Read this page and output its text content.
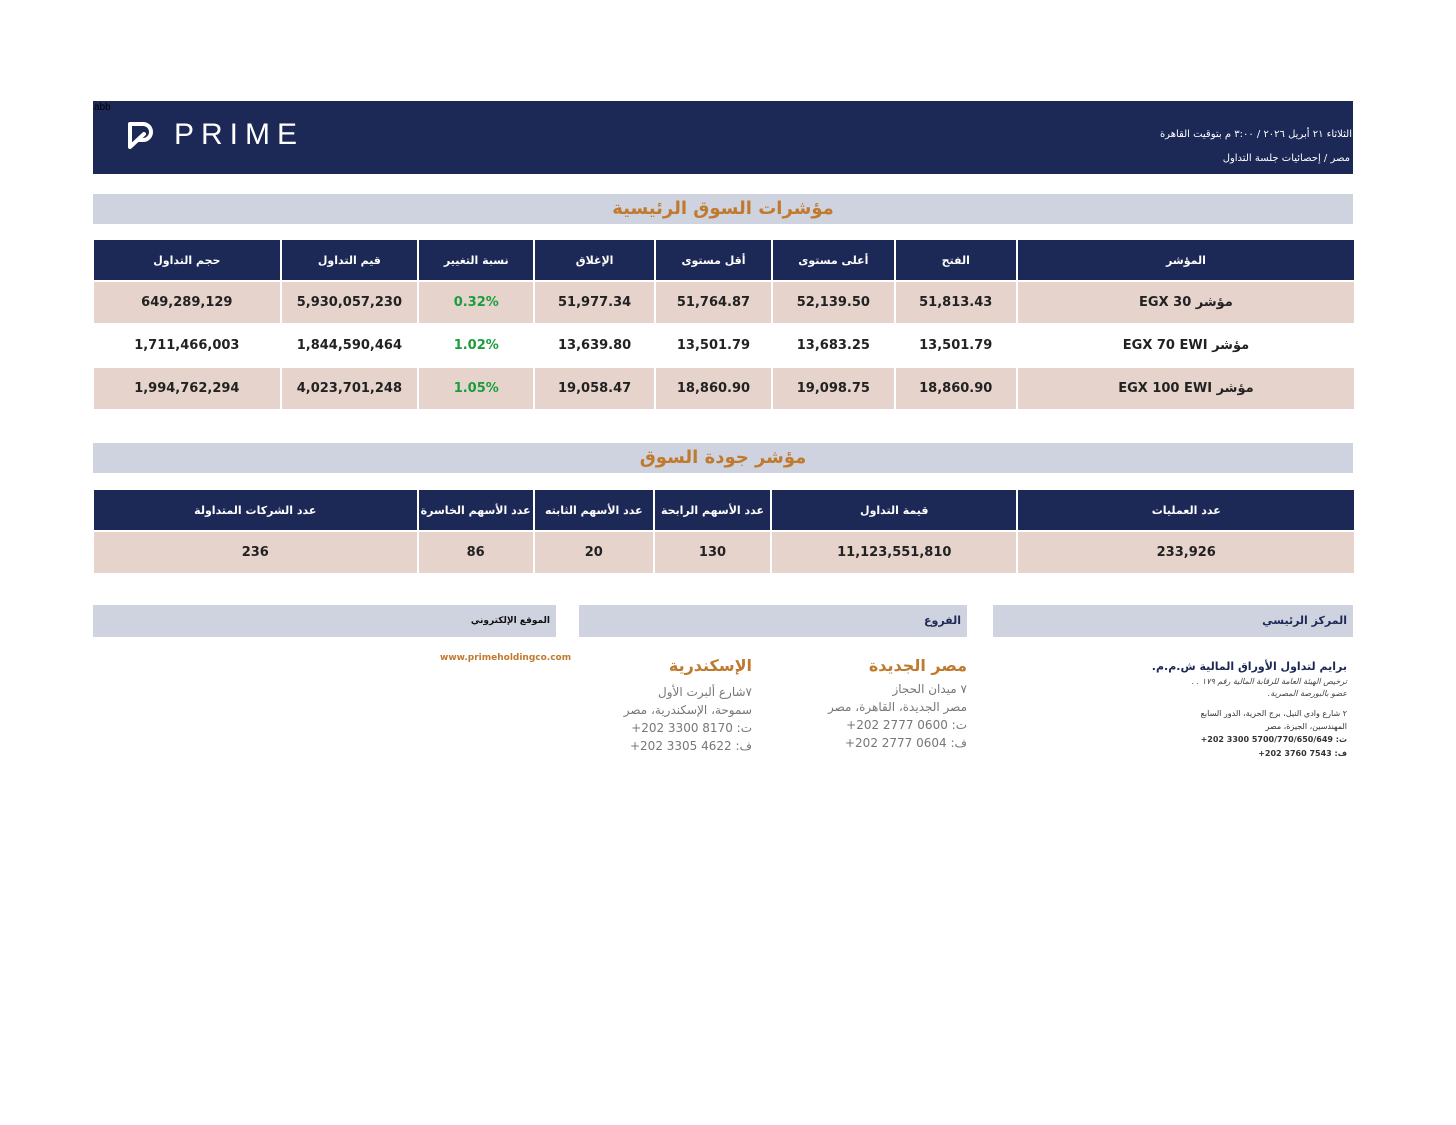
abb
PRIME	الثلاثاء ٢١ أبريل ٢٠٢٦ / ٣:٠٠ م بتوقيت القاهرة
مصر / إحصائيات جلسة التداول
مؤشرات السوق الرئيسية
المؤشر	الفتح	أعلى مستوى	أقل مستوى	الإغلاق	نسبة التغيير	قيم التداول	حجم التداول
مؤشر EGX 30	51,813.43	52,139.50	51,764.87	51,977.34	0.32%	5,930,057,230	649,289,129
مؤشر EGX 70 EWI	13,501.79	13,683.25	13,501.79	13,639.80	1.02%	1,844,590,464	1,711,466,003
مؤشر EGX 100 EWI	18,860.90	19,098.75	18,860.90	19,058.47	1.05%	4,023,701,248	1,994,762,294
مؤشر جودة السوق
عدد العمليات	قيمة التداول	عدد الأسهم الرابحة	عدد الأسهم الثابته	عدد الأسهم الخاسرة	عدد الشركات المتداولة
233,926	11,123,551,810	130	20	86	236
المركز الرئيسي
الفروع
الموقع الإلكتروني
برايم لتداول الأوراق المالية ش.م.م.
ترخيص الهيئة العامة للرقابة المالية رقم ١٧٩ . .
عضو بالبورصة المصرية.
٢ شارع وادي النيل، برج الحرية، الدور السابع
المهندسين، الجيزة، مصر
ت: 5700/770/650/649 3300 202+
ف: 7543 3760 202+
مصر الجديدة
٧ ميدان الحجاز
مصر الجديدة، القاهرة، مصر
ت: 0600 2777 202+
ف: 0604 2777 202+
الإسكندرية
٧شارع ألبرت الأول
سموحة، الإسكندرية، مصر
ت: 8170 3300 202+
ف: 4622 3305 202+
www.primeholdingco.com
